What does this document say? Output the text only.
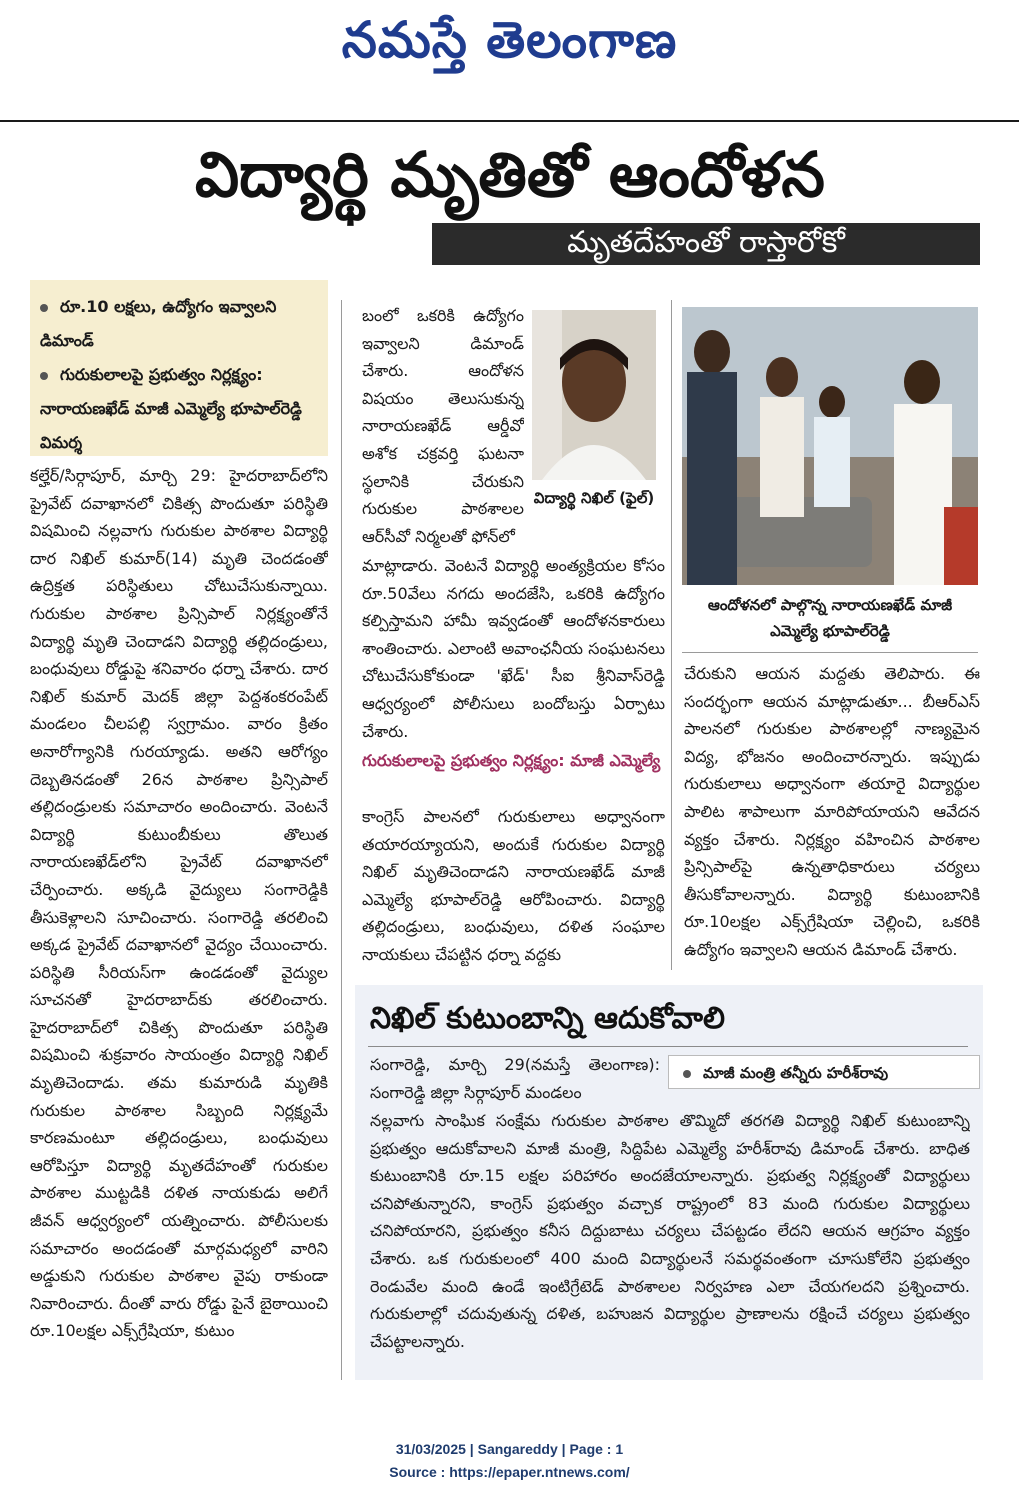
నమస్తే తెలంగాణ
విద్యార్థి మృతితో ఆందోళన
మృతదేహంతో రాస్తారోకో
రూ.10 లక్షలు, ఉద్యోగం ఇవ్వాలని డిమాండ్
గురుకులాలపై ప్రభుత్వం నిర్లక్ష్యం: నారాయణఖేడ్ మాజీ ఎమ్మెల్యే భూపాల్‌రెడ్డి విమర్శ
కల్హేర్/సిర్గాపూర్, మార్చి 29: హైదరాబాద్‌లోని ప్రైవేట్ దవాఖానలో చికిత్స పొందుతూ పరిస్థితి విషమించి నల్లవాగు గురుకుల పాఠశాల విద్యార్థి దార నిఖిల్ కుమార్(14) మృతి చెందడంతో ఉద్రిక్తత పరిస్థితులు చోటుచేసుకున్నాయి. గురుకుల పాఠశాల ప్రిన్సిపాల్ నిర్లక్ష్యంతోనే విద్యార్థి మృతి చెందాడని విద్యార్థి తల్లిదండ్రులు, బంధువులు రోడ్డుపై శనివారం ధర్నా చేశారు. దార నిఖిల్ కుమార్ మెదక్ జిల్లా పెద్దశంకరంపేట్ మండలం చీలపల్లి స్వగ్రామం. వారం క్రితం అనారోగ్యానికి గురయ్యాడు. అతని ఆరోగ్యం దెబ్బతినడంతో 26న పాఠశాల ప్రిన్సిపాల్ తల్లిదండ్రులకు సమాచారం అందించారు. వెంటనే విద్యార్థి కుటుంబీకులు తొలుత నారాయణఖేడ్‌లోని ప్రైవేట్ దవాఖానలో చేర్పించారు. అక్కడి వైద్యులు సంగారెడ్డికి తీసుకెళ్లాలని సూచించారు. సంగారెడ్డి తరలించి అక్కడ ప్రైవేట్ దవాఖానలో వైద్యం చేయించారు. పరిస్థితి సీరియస్‌గా ఉండడంతో వైద్యుల సూచనతో హైదరాబాద్‌కు తరలించారు. హైదరాబాద్‌లో చికిత్స పొందుతూ పరిస్థితి విషమించి శుక్రవారం సాయంత్రం విద్యార్థి నిఖిల్ మృతిచెందాడు. తమ కుమారుడి మృతికి గురుకుల పాఠశాల సిబ్బంది నిర్లక్ష్యమే కారణమంటూ తల్లిదండ్రులు, బంధువులు ఆరోపిస్తూ విద్యార్థి మృతదేహంతో గురుకుల పాఠశాల ముట్టడికి దళిత నాయకుడు అలిగే జీవన్ ఆధ్వర్యంలో యత్నించారు. పోలీసులకు సమాచారం అందడంతో మార్గమధ్యలో వారిని అడ్డుకుని గురుకుల పాఠశాల వైపు రాకుండా నివారించారు. దీంతో వారు రోడ్డు పైనే బైఠాయించి రూ.10లక్షల ఎక్స్‌గ్రేషియా, కుటుం
బంలో ఒకరికి ఉద్యోగం ఇవ్వాలని డిమాండ్ చేశారు. ఆందోళన విషయం తెలుసుకున్న నారాయణఖేడ్ ఆర్డీవో అశోక చక్రవర్తి ఘటనా స్థలానికి చేరుకుని గురుకుల పాఠశాలల ఆర్‌సీవో నిర్మలతో ఫోన్‌లో
విద్యార్థి నిఖిల్ (ఫైల్)
మాట్లాడారు. వెంటనే విద్యార్థి అంత్యక్రియల కోసం రూ.50వేలు నగదు అందజేసి, ఒకరికి ఉద్యోగం కల్పిస్తామని హామీ ఇవ్వడంతో ఆందోళనకారులు శాంతించారు. ఎలాంటి అవాంఛనీయ సంఘటనలు చోటుచేసుకోకుండా 'ఖేడ్' సీఐ శ్రీనివాస్‌రెడ్డి ఆధ్వర్యంలో పోలీసులు బందోబస్తు ఏర్పాటు చేశారు.
గురుకులాలపై ప్రభుత్వం నిర్లక్ష్యం: మాజీ ఎమ్మెల్యే
కాంగ్రెస్ పాలనలో గురుకులాలు అధ్వానంగా తయారయ్యాయని, అందుకే గురుకుల విద్యార్థి నిఖిల్ మృతిచెందాడని నారాయణఖేడ్ మాజీ ఎమ్మెల్యే భూపాల్‌రెడ్డి ఆరోపించారు. విద్యార్థి తల్లిదండ్రులు, బంధువులు, దళిత సంఘాల నాయకులు చేపట్టిన ధర్నా వద్దకు
ఆందోళనలో పాల్గొన్న నారాయణఖేడ్ మాజీ ఎమ్మెల్యే భూపాల్‌రెడ్డి
చేరుకుని ఆయన మద్దతు తెలిపారు. ఈ సందర్భంగా ఆయన మాట్లాడుతూ... బీఆర్‌ఎస్ పాలనలో గురుకుల పాఠశాలల్లో నాణ్యమైన విద్య, భోజనం అందించారన్నారు. ఇప్పుడు గురుకులాలు అధ్వానంగా తయారై విద్యార్థుల పాలిట శాపాలుగా మారిపోయాయని ఆవేదన వ్యక్తం చేశారు. నిర్లక్ష్యం వహించిన పాఠశాల ప్రిన్సిపాల్‌పై ఉన్నతాధికారులు చర్యలు తీసుకోవాలన్నారు. విద్యార్థి కుటుంబానికి రూ.10లక్షల ఎక్స్‌గ్రేషియా చెల్లించి, ఒకరికి ఉద్యోగం ఇవ్వాలని ఆయన డిమాండ్ చేశారు.
నిఖిల్ కుటుంబాన్ని ఆదుకోవాలి
సంగారెడ్డి, మార్చి 29(నమస్తే తెలంగాణ): సంగారెడ్డి జిల్లా సిర్గాపూర్ మండలం
మాజీ మంత్రి తన్నీరు హరీశ్‌రావు
నల్లవాగు సాంఘిక సంక్షేమ గురుకుల పాఠశాల తొమ్మిదో తరగతి విద్యార్థి నిఖిల్ కుటుంబాన్ని ప్రభుత్వం ఆదుకోవాలని మాజీ మంత్రి, సిద్దిపేట ఎమ్మెల్యే హరీశ్‌రావు డిమాండ్ చేశారు. బాధిత కుటుంబానికి రూ.15 లక్షల పరిహారం అందజేయాలన్నారు. ప్రభుత్వ నిర్లక్ష్యంతో విద్యార్థులు చనిపోతున్నారని, కాంగ్రెస్ ప్రభుత్వం వచ్చాక రాష్ట్రంలో 83 మంది గురుకుల విద్యార్థులు చనిపోయారని, ప్రభుత్వం కనీస దిద్దుబాటు చర్యలు చేపట్టడం లేదని ఆయన ఆగ్రహం వ్యక్తం చేశారు. ఒక గురుకులంలో 400 మంది విద్యార్థులనే సమర్థవంతంగా చూసుకోలేని ప్రభుత్వం రెండువేల మంది ఉండే ఇంటిగ్రేటెడ్ పాఠశాలల నిర్వహణ ఎలా చేయగలదని ప్రశ్నించారు. గురుకులాల్లో చదువుతున్న దళిత, బహుజన విద్యార్థుల ప్రాణాలను రక్షించే చర్యలు ప్రభుత్వం చేపట్టాలన్నారు.
31/03/2025 | Sangareddy | Page : 1
Source : https://epaper.ntnews.com/
